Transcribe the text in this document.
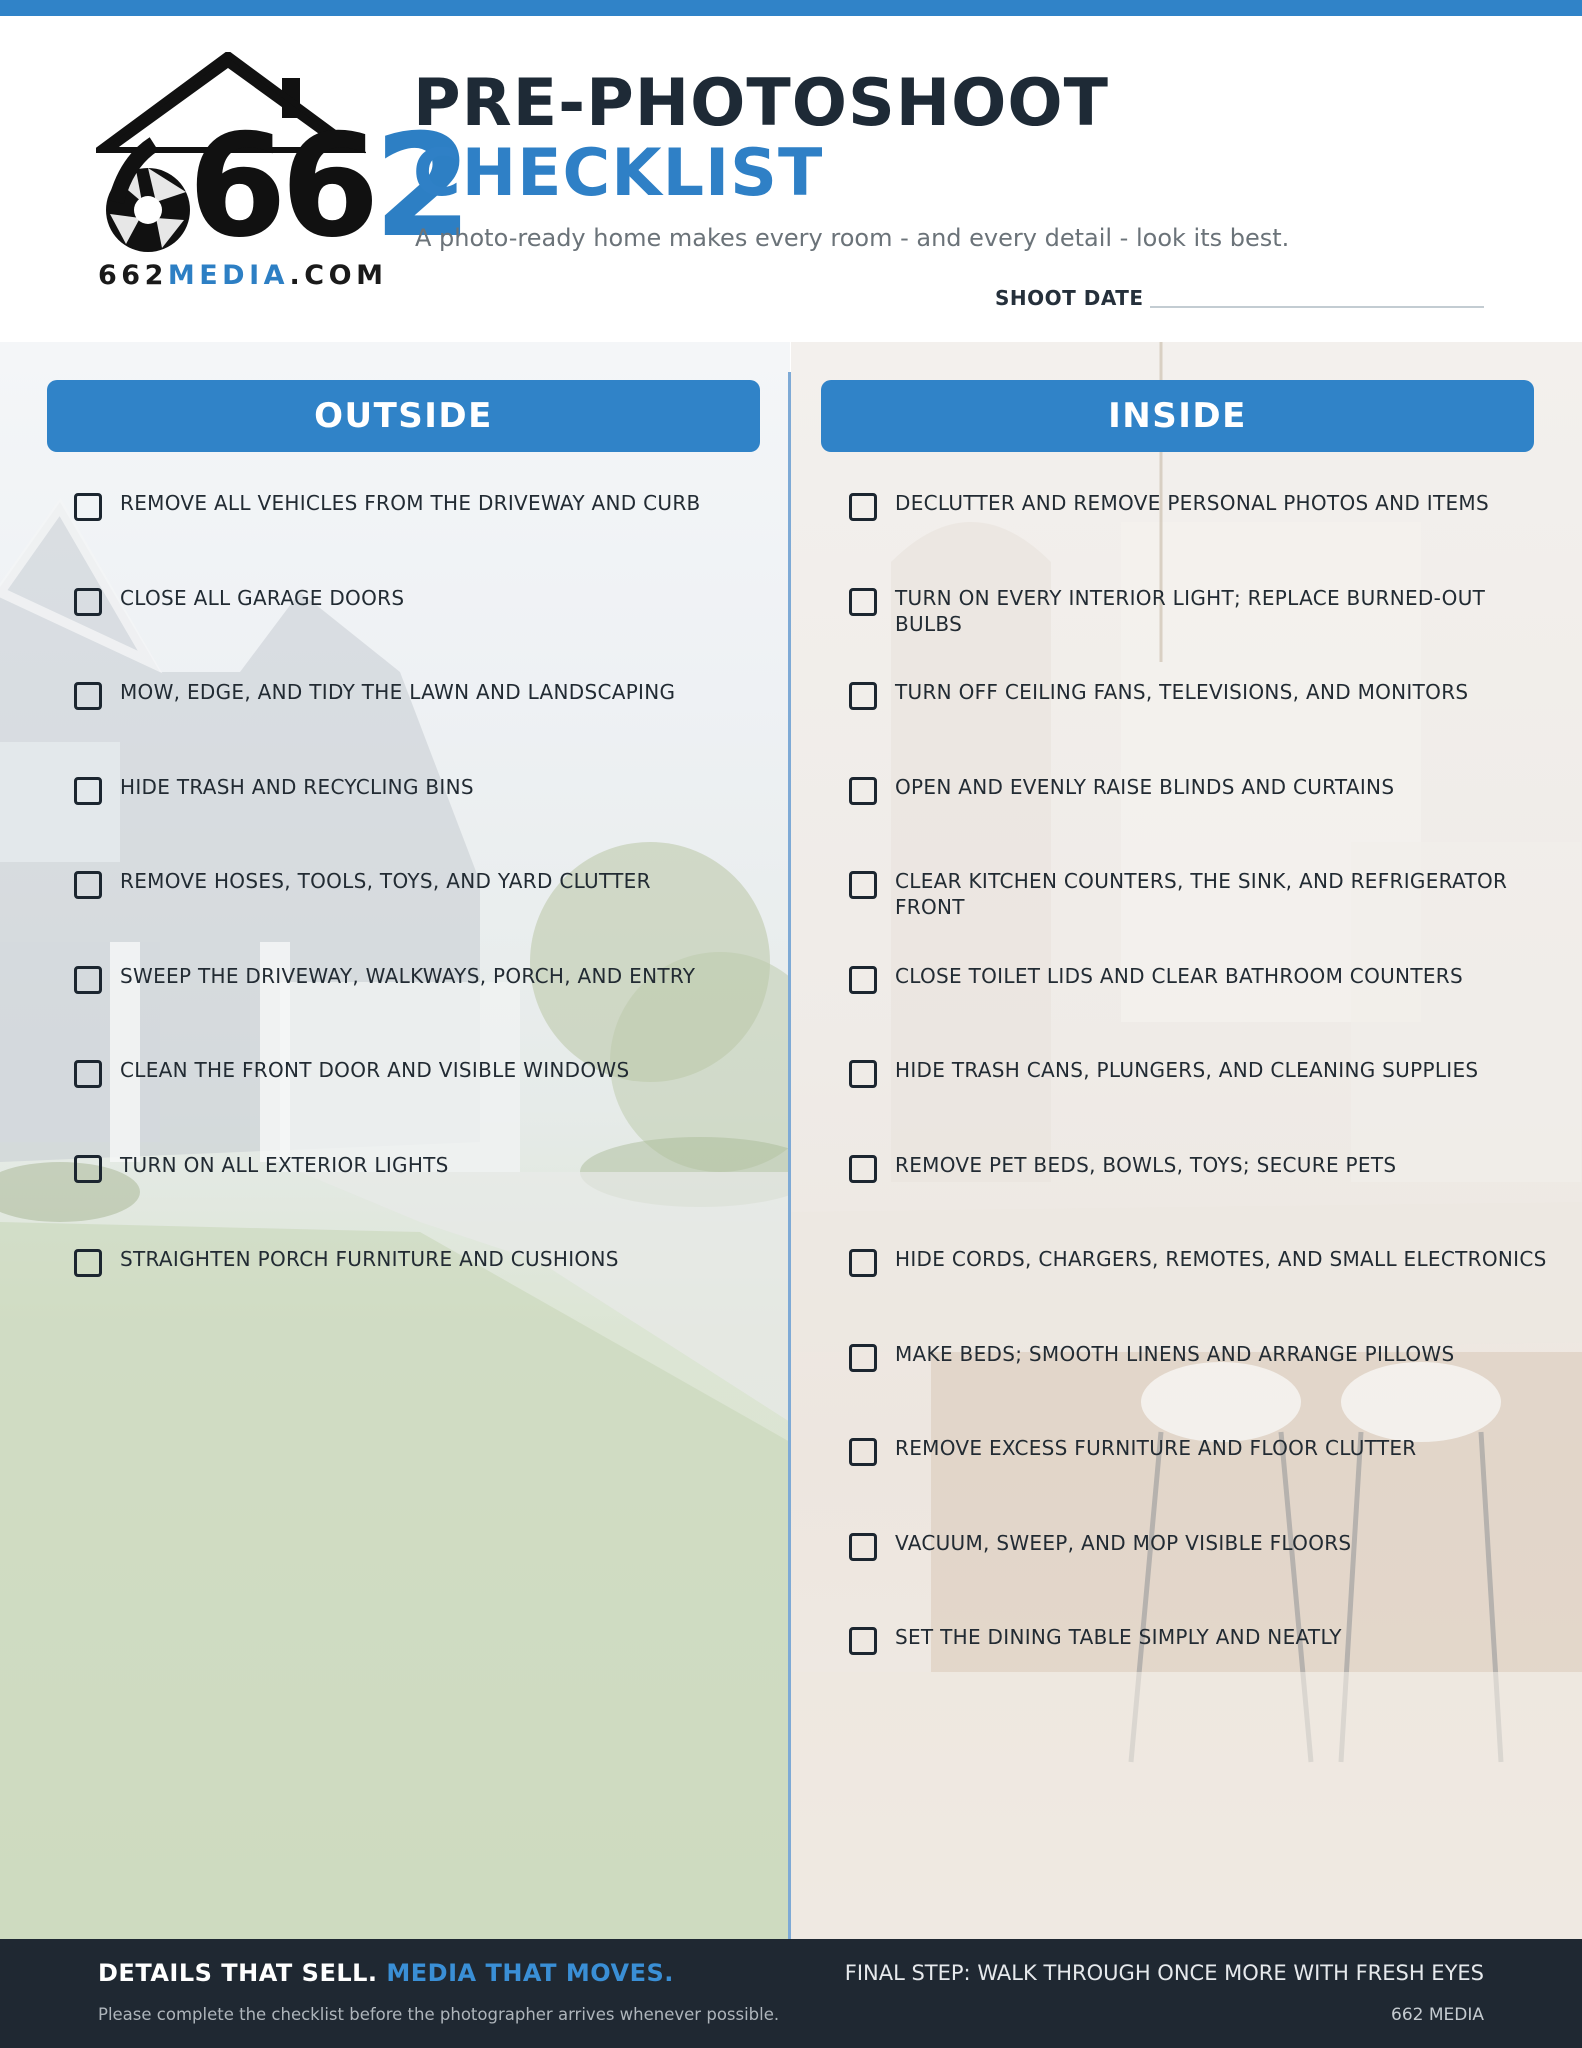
662
662MEDIA.COM
PRE-PHOTOSHOOT
CHECKLIST
A photo-ready home makes every room - and every detail - look its best.
SHOOT DATE
OUTSIDE
REMOVE ALL VEHICLES FROM THE DRIVEWAY AND CURB
CLOSE ALL GARAGE DOORS
MOW, EDGE, AND TIDY THE LAWN AND LANDSCAPING
HIDE TRASH AND RECYCLING BINS
REMOVE HOSES, TOOLS, TOYS, AND YARD CLUTTER
SWEEP THE DRIVEWAY, WALKWAYS, PORCH, AND ENTRY
CLEAN THE FRONT DOOR AND VISIBLE WINDOWS
TURN ON ALL EXTERIOR LIGHTS
STRAIGHTEN PORCH FURNITURE AND CUSHIONS
INSIDE
DECLUTTER AND REMOVE PERSONAL PHOTOS AND ITEMS
TURN ON EVERY INTERIOR LIGHT; REPLACE BURNED-OUT BULBS
TURN OFF CEILING FANS, TELEVISIONS, AND MONITORS
OPEN AND EVENLY RAISE BLINDS AND CURTAINS
CLEAR KITCHEN COUNTERS, THE SINK, AND REFRIGERATOR FRONT
CLOSE TOILET LIDS AND CLEAR BATHROOM COUNTERS
HIDE TRASH CANS, PLUNGERS, AND CLEANING SUPPLIES
REMOVE PET BEDS, BOWLS, TOYS; SECURE PETS
HIDE CORDS, CHARGERS, REMOTES, AND SMALL ELECTRONICS
MAKE BEDS; SMOOTH LINENS AND ARRANGE PILLOWS
REMOVE EXCESS FURNITURE AND FLOOR CLUTTER
VACUUM, SWEEP, AND MOP VISIBLE FLOORS
SET THE DINING TABLE SIMPLY AND NEATLY
DETAILS THAT SELL. MEDIA THAT MOVES.
Please complete the checklist before the photographer arrives whenever possible.
FINAL STEP: WALK THROUGH ONCE MORE WITH FRESH EYES
662 MEDIA
